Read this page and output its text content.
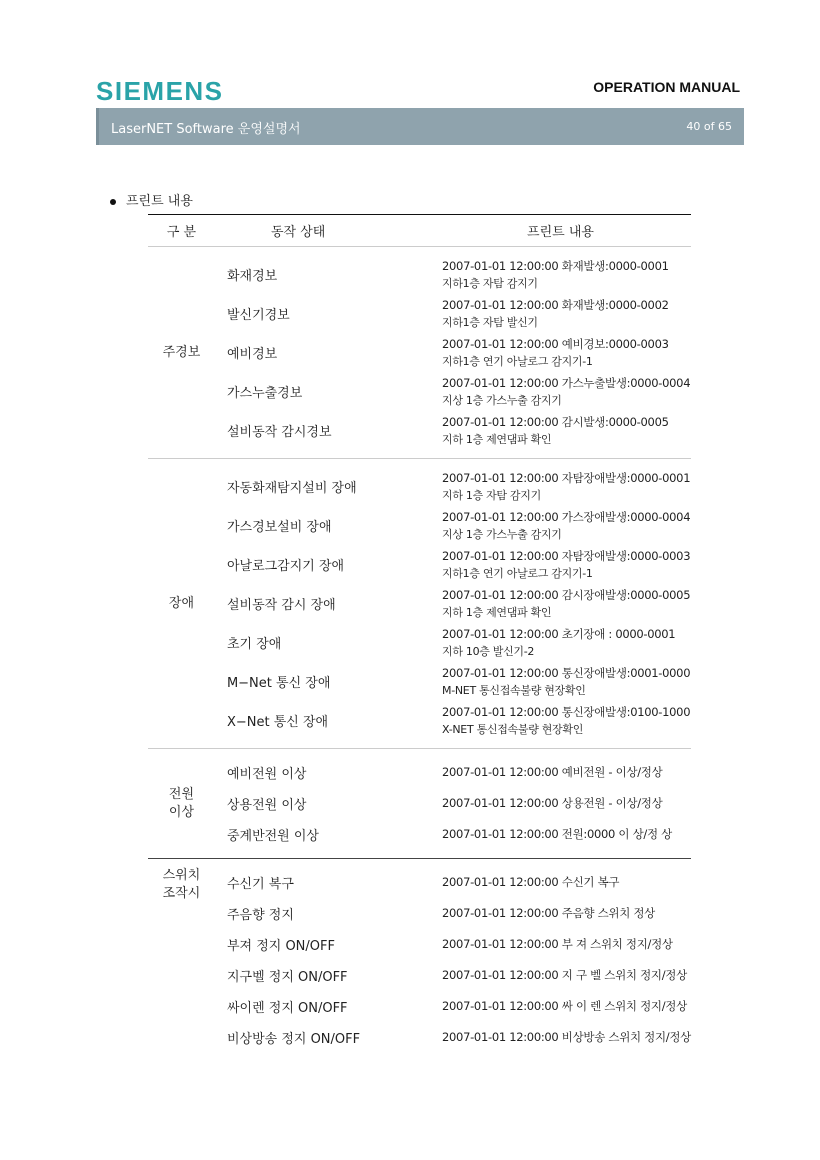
SIEMENS	OPERATION MANUAL
LaserNET Software 운영설명서	40 of 65
프린트 내용
구 분	동작 상태	프린트 내용

주경보	화재경보	2007-01-01 12:00:00 화재발생:0000-0001
지하1층 자탐 감지기

	발신기경보	2007-01-01 12:00:00 화재발생:0000-0002
지하1층 자탐 발신기

	예비경보	2007-01-01 12:00:00 예비경보:0000-0003
지하1층 연기 아날로그 감지기-1

	가스누출경보	2007-01-01 12:00:00 가스누출발생:0000-0004
지상 1층 가스누출 감지기

	설비동작 감시경보	2007-01-01 12:00:00 감시발생:0000-0005
지하 1층 제연댐파 확인

장애	자동화재탐지설비 장애	2007-01-01 12:00:00 자탐장애발생:0000-0001
지하 1층 자탐 감지기

	가스경보설비 장애	2007-01-01 12:00:00 가스장애발생:0000-0004
지상 1층 가스누출 감지기

	아날로그감지기 장애	2007-01-01 12:00:00 자탐장애발생:0000-0003
지하1층 연기 아날로그 감지기-1

	설비동작 감시 장애	2007-01-01 12:00:00 감시장애발생:0000-0005
지하 1층 제연댐파 확인

	초기 장애	2007-01-01 12:00:00 초기장애 : 0000-0001
지하 10층 발신기-2

	M−Net 통신 장애	2007-01-01 12:00:00 통신장애발생:0001-0000
M-NET 통신접속불량 현장확인

	X−Net 통신 장애	2007-01-01 12:00:00 통신장애발생:0100-1000
X-NET 통신접속불량 현장확인

전원
이상	예비전원 이상	2007-01-01 12:00:00 예비전원 - 이상/정상

	상용전원 이상	2007-01-01 12:00:00 상용전원 - 이상/정상

	중계반전원 이상	2007-01-01 12:00:00 전원:0000 이 상/정 상

스위치
조작시	수신기 복구	2007-01-01 12:00:00 수신기 복구

	주음향 정지	2007-01-01 12:00:00 주음향 스위치 정상

	부져 정지 ON/OFF	2007-01-01 12:00:00 부 져 스위치 정지/정상

	지구벨 정지 ON/OFF	2007-01-01 12:00:00 지 구 벨 스위치 정지/정상

	싸이렌 정지 ON/OFF	2007-01-01 12:00:00 싸 이 렌 스위치 정지/정상

	비상방송 정지 ON/OFF	2007-01-01 12:00:00 비상방송 스위치 정지/정상
